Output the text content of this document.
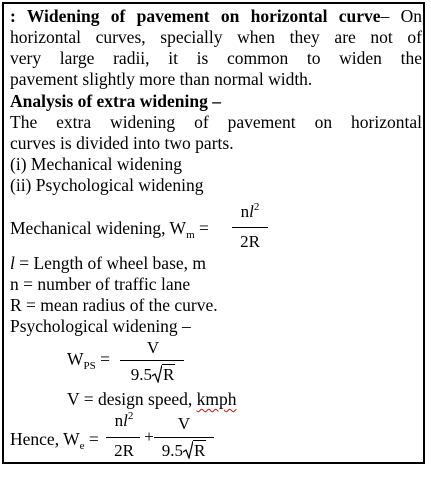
: Widening of pavement on horizontal curve– On
horizontal curves, specially when they are not of
very large radii, it is common to widen the
pavement slightly more than normal width.
Analysis of extra widening –
The extra widening of pavement on horizontal
curves is divided into two parts.
(i) Mechanical widening
(ii) Psychological widening
Mechanical widening, $W_m$ =
$nl^2$
2R
l = Length of wheel base, m
n = number of traffic lane
R = mean radius of the curve.
Psychological widening –
$W_{PS}$ =
V
9.5 R
V = design speed, kmph
Hence, $W_e$ =
$nl^2$
2R
+
V
9.5 R
